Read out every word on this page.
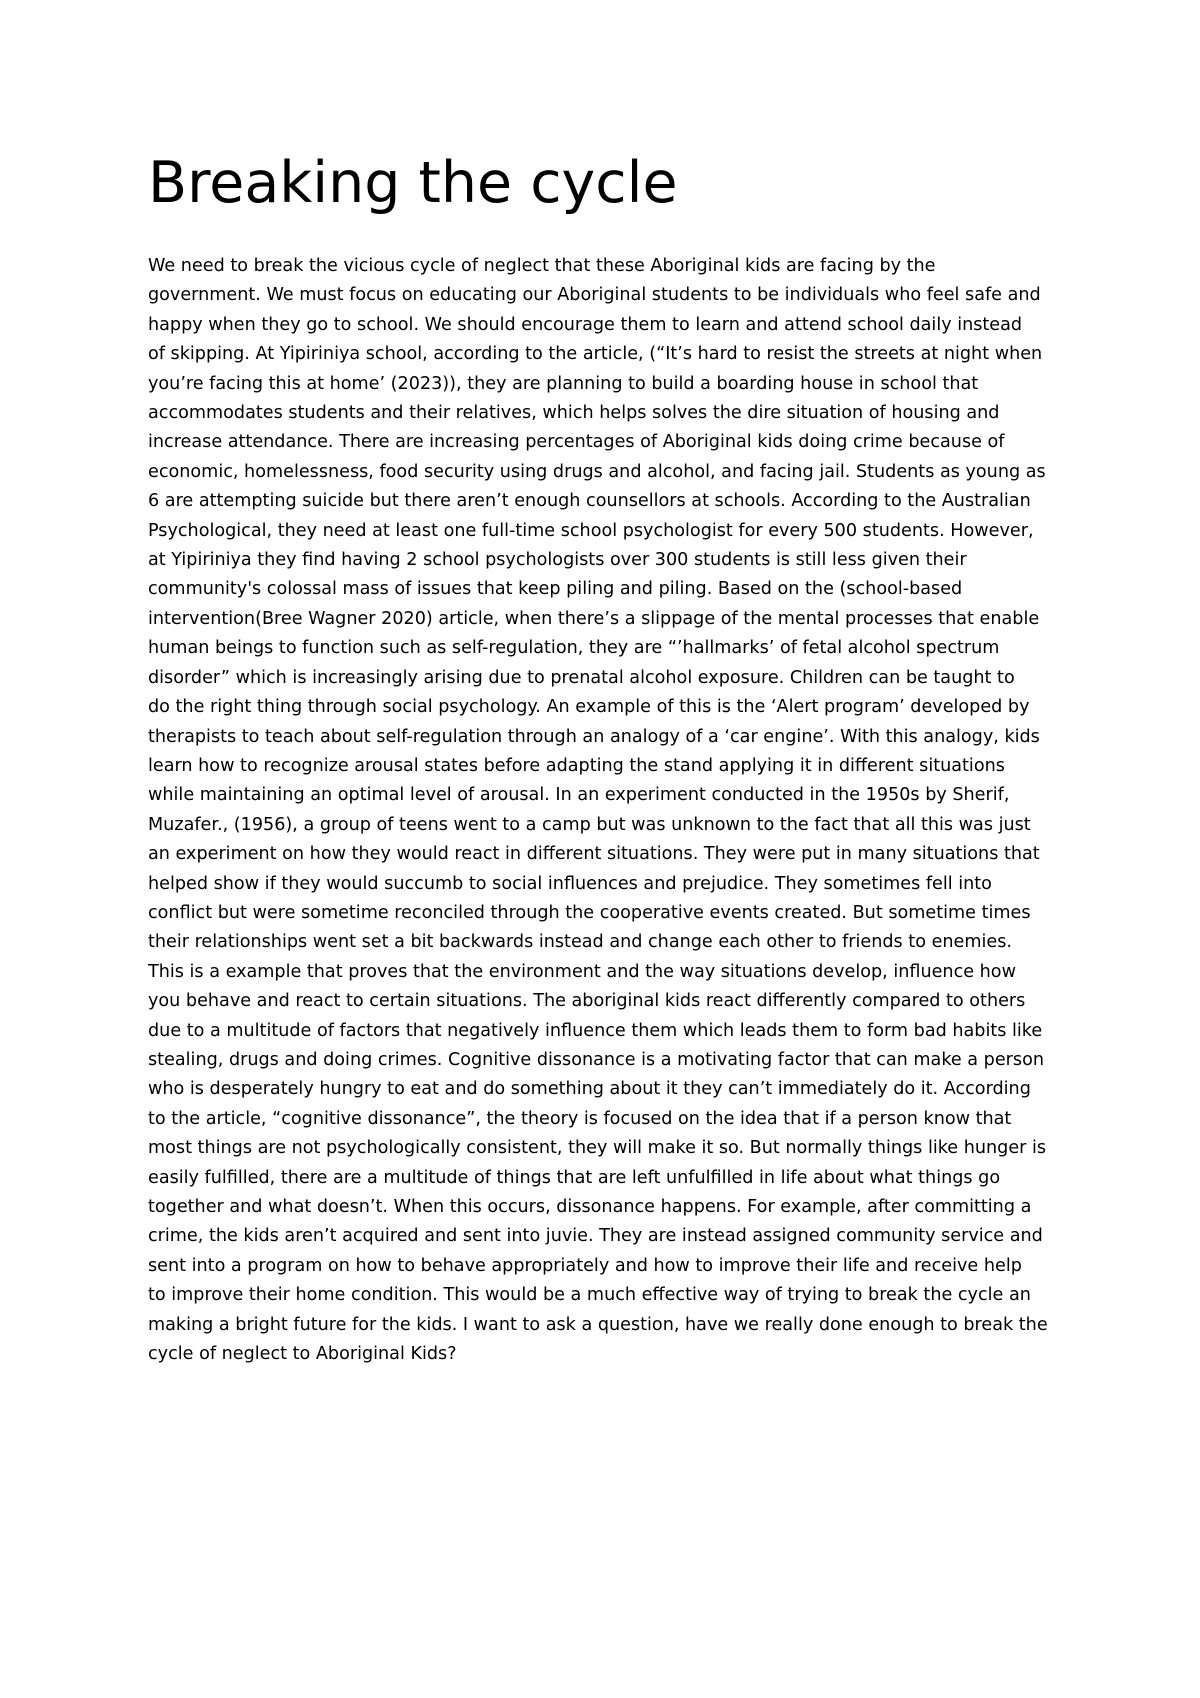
Breaking the cycle

We need to break the vicious cycle of neglect that these Aboriginal kids are facing by the
government. We must focus on educating our Aboriginal students to be individuals who feel safe and
happy when they go to school. We should encourage them to learn and attend school daily instead
of skipping. At Yipiriniya school, according to the article, (“It’s hard to resist the streets at night when
you’re facing this at home’ (2023)), they are planning to build a boarding house in school that
accommodates students and their relatives, which helps solves the dire situation of housing and
increase attendance. There are increasing percentages of Aboriginal kids doing crime because of
economic, homelessness, food security using drugs and alcohol, and facing jail. Students as young as
6 are attempting suicide but there aren’t enough counsellors at schools. According to the Australian
Psychological, they need at least one full-time school psychologist for every 500 students. However,
at Yipiriniya they find having 2 school psychologists over 300 students is still less given their
community's colossal mass of issues that keep piling and piling. Based on the (school-based
intervention(Bree Wagner 2020) article, when there’s a slippage of the mental processes that enable
human beings to function such as self-regulation, they are “’hallmarks’ of fetal alcohol spectrum
disorder” which is increasingly arising due to prenatal alcohol exposure. Children can be taught to
do the right thing through social psychology. An example of this is the ‘Alert program’ developed by
therapists to teach about self-regulation through an analogy of a ‘car engine’. With this analogy, kids
learn how to recognize arousal states before adapting the stand applying it in different situations
while maintaining an optimal level of arousal. In an experiment conducted in the 1950s by Sherif,
Muzafer., (1956), a group of teens went to a camp but was unknown to the fact that all this was just
an experiment on how they would react in different situations. They were put in many situations that
helped show if they would succumb to social influences and prejudice. They sometimes fell into
conflict but were sometime reconciled through the cooperative events created. But sometime times
their relationships went set a bit backwards instead and change each other to friends to enemies.
This is a example that proves that the environment and the way situations develop, influence how
you behave and react to certain situations. The aboriginal kids react differently compared to others
due to a multitude of factors that negatively influence them which leads them to form bad habits like
stealing, drugs and doing crimes. Cognitive dissonance is a motivating factor that can make a person
who is desperately hungry to eat and do something about it they can’t immediately do it. According
to the article, “cognitive dissonance”, the theory is focused on the idea that if a person know that
most things are not psychologically consistent, they will make it so. But normally things like hunger is
easily fulfilled, there are a multitude of things that are left unfulfilled in life about what things go
together and what doesn’t. When this occurs, dissonance happens. For example, after committing a
crime, the kids aren’t acquired and sent into juvie. They are instead assigned community service and
sent into a program on how to behave appropriately and how to improve their life and receive help
to improve their home condition. This would be a much effective way of trying to break the cycle an
making a bright future for the kids. I want to ask a question, have we really done enough to break the
cycle of neglect to Aboriginal Kids?
